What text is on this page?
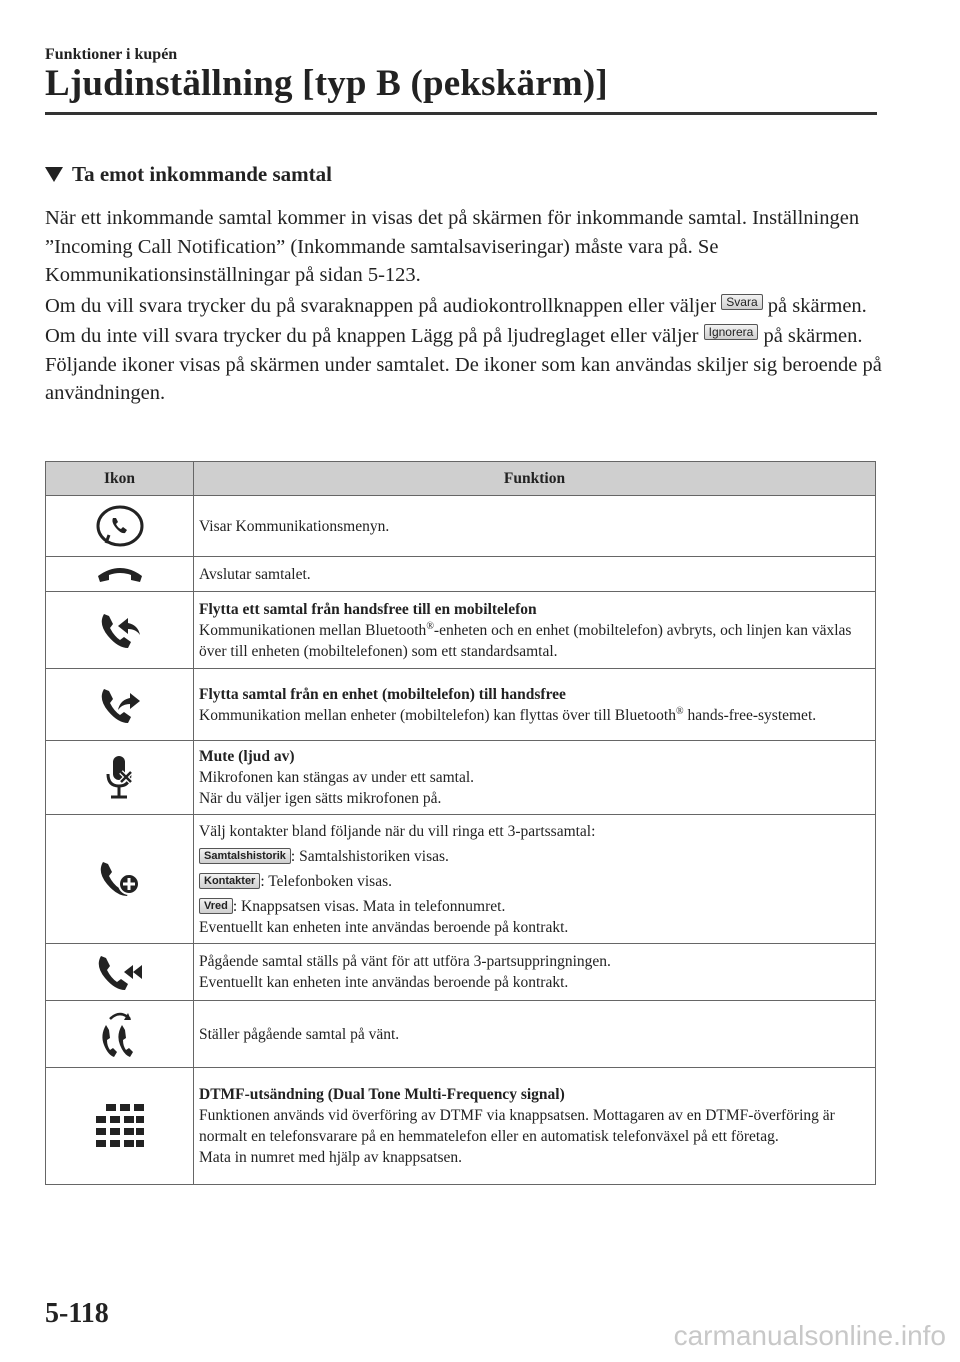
Funktioner i kupén
Ljudinställning [typ B (pekskärm)]
Ta emot inkommande samtal

När ett inkommande samtal kommer in visas det på skärmen för inkommande samtal. Inställningen ”Incoming Call Notification” (Inkommande samtalsaviseringar) måste vara på. Se Kommunikationsinställningar på sidan 5-123.

Om du vill svara trycker du på svaraknappen på audiokontrollknappen eller väljer Svara på skärmen.

Om du inte vill svara trycker du på knappen Lägg på på ljudreglaget eller väljer Ignorera på skärmen.

Följande ikoner visas på skärmen under samtalet. De ikoner som kan användas skiljer sig beroende på användningen.

Ikon	Funktion

	Visar Kommunikationsmenyn.

	Avslutar samtalet.

Flytta ett samtal från handsfree till en mobiltelefon
Kommunikationen mellan Bluetooth®-enheten och en enhet (mobiltelefon) avbryts, och linjen kan växlas över till enheten (mobiltelefonen) som ett standardsamtal.

Flytta samtal från en enhet (mobiltelefon) till handsfree
Kommunikation mellan enheter (mobiltelefon) kan flyttas över till Bluetooth® hands-free-systemet.

Mute (ljud av)
Mikrofonen kan stängas av under ett samtal.
När du väljer igen sätts mikrofonen på.

Välj kontakter bland följande när du vill ringa ett 3-partssamtal:
Samtalshistorik : Samtalshistoriken visas.
Kontakter : Telefonboken visas.
Vred : Knappsatsen visas. Mata in telefonnumret.
Eventuellt kan enheten inte användas beroende på kontrakt.

Pågående samtal ställs på vänt för att utföra 3-partsuppringningen.
Eventuellt kan enheten inte användas beroende på kontrakt.

	Ställer pågående samtal på vänt.

DTMF-utsändning (Dual Tone Multi-Frequency signal)
Funktionen används vid överföring av DTMF via knappsatsen. Mottagaren av en DTMF-överföring är normalt en telefonsvarare på en hemmatelefon eller en automatisk telefonväxel på ett företag.
Mata in numret med hjälp av knappsatsen.
5-118
carmanualsonline.info
